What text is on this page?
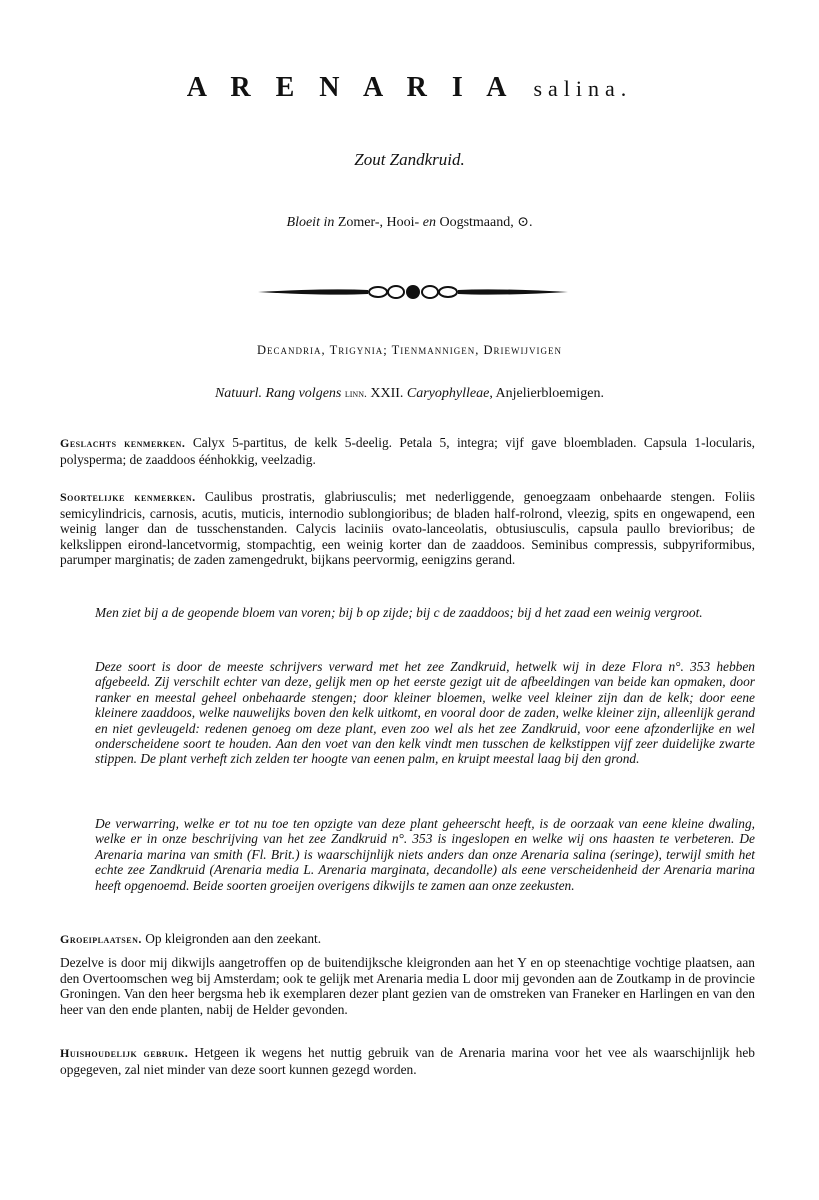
A R E N A R I A salina.
Zout Zandkruid.
Bloeit in Zomer-, Hooi- en Oogstmaand, ⊙.
Decandria, Trigynia; Tienmannigen, Driewijvigen
Natuurl. Rang volgens linn. XXII. Caryophylleae, Anjelierbloemigen.

Geslachts kenmerken. Calyx 5-partitus, de kelk 5-deelig. Petala 5, integra; vijf gave bloembladen. Capsula 1-locularis, polysperma; de zaaddoos éénhokkig, veelzadig.

Soortelijke kenmerken. Caulibus prostratis, glabriusculis; met nederliggende, genoegzaam onbehaarde stengen. Foliis semicylindricis, carnosis, acutis, muticis, internodio sublongioribus; de bladen half-rolrond, vleezig, spits en ongewapend, een weinig langer dan de tusschenstanden. Calycis laciniis ovato-lanceolatis, obtusiusculis, capsula paullo brevioribus; de kelkslippen eirond-lancetvormig, stompachtig, een weinig korter dan de zaaddoos. Seminibus compressis, subpyriformibus, parumper marginatis; de zaden zamengedrukt, bijkans peervormig, eenigzins gerand.

Men ziet bij a de geopende bloem van voren; bij b op zijde; bij c de zaaddoos; bij d het zaad een weinig vergroot.

Deze soort is door de meeste schrijvers verward met het zee Zandkruid, hetwelk wij in deze Flora n°. 353 hebben afgebeeld. Zij verschilt echter van deze, gelijk men op het eerste gezigt uit de afbeeldingen van beide kan opmaken, door ranker en meestal geheel onbehaarde stengen; door kleiner bloemen, welke veel kleiner zijn dan de kelk; door eene kleinere zaaddoos, welke nauwelijks boven den kelk uitkomt, en vooral door de zaden, welke kleiner zijn, alleenlijk gerand en niet gevleugeld: redenen genoeg om deze plant, even zoo wel als het zee Zandkruid, voor eene afzonderlijke en wel onderscheidene soort te houden. Aan den voet van den kelk vindt men tusschen de kelkstippen vijf zeer duidelijke zwarte stippen. De plant verheft zich zelden ter hoogte van eenen palm, en kruipt meestal laag bij den grond.

De verwarring, welke er tot nu toe ten opzigte van deze plant geheerscht heeft, is de oorzaak van eene kleine dwaling, welke er in onze beschrijving van het zee Zandkruid n°. 353 is ingeslopen en welke wij ons haasten te verbeteren. De Arenaria marina van smith (Fl. Brit.) is waarschijnlijk niets anders dan onze Arenaria salina (seringe), terwijl smith het echte zee Zandkruid (Arenaria media L. Arenaria marginata, decandolle) als eene verscheidenheid der Arenaria marina heeft opgenoemd. Beide soorten groeijen overigens dikwijls te zamen aan onze zeekusten.

Groeiplaatsen. Op kleigronden aan den zeekant.

Dezelve is door mij dikwijls aangetroffen op de buitendijksche kleigronden aan het Y en op steenachtige vochtige plaatsen, aan den Overtoomschen weg bij Amsterdam; ook te gelijk met Arenaria media L door mij gevonden aan de Zoutkamp in de provincie Groningen. Van den heer bergsma heb ik exemplaren dezer plant gezien van de omstreken van Franeker en Harlingen en van den heer van den ende planten, nabij de Helder gevonden.

Huishoudelijk gebruik. Hetgeen ik wegens het nuttig gebruik van de Arenaria marina voor het vee als waarschijnlijk heb opgegeven, zal niet minder van deze soort kunnen gezegd worden.
